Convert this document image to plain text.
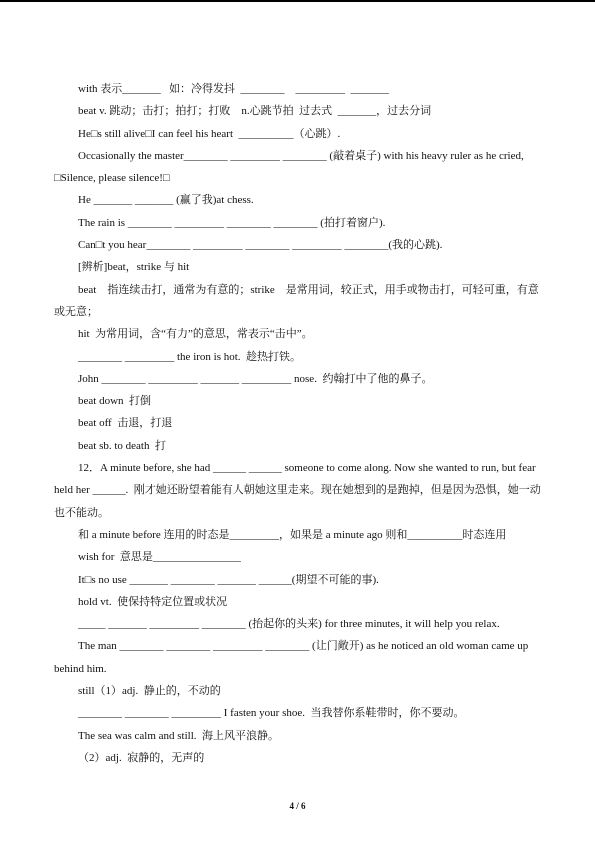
with 表示_______   如：冷得发抖  ________    _________  _______

beat v. 跳动；击打；拍打；打败    n.心跳节拍  过去式  _______，过去分词

He□s still alive□I can feel his heart  __________（心跳）.

Occasionally the master________ _________ ________ (敲着桌子) with his heavy ruler as he cried, □Silence, please silence!□

He _______ _______ (赢了我)at chess.

The rain is ________ _________ ________ ________ (拍打着窗户).

Can□t you hear________ _________ ________ _________ ________(我的心跳).

[辨析]beat，strike 与 hit

beat    指连续击打，通常为有意的；strike    是常用词，较正式，用手或物击打，可轻可重，有意或无意；

hit  为常用词，含“有力”的意思，常表示“击中”。

________ _________ the iron is hot.  趁热打铁。

John ________ _________ _______ _________ nose.  约翰打中了他的鼻子。

beat down  打倒

beat off  击退，打退

beat sb. to death  打

12．A minute before, she had ______ ______ someone to come along. Now she wanted to run, but fear held her ______.  刚才她还盼望着能有人朝她这里走来。现在她想到的是跑掉，但是因为恐惧，她一动也不能动。

和 a minute before 连用的时态是_________，如果是 a minute ago 则和__________时态连用

wish for  意思是________________

It□s no use _______ ________ _______ ______(期望不可能的事).

hold vt.  使保持特定位置或状况

_____ _______ _________ ________ (抬起你的头来) for three minutes, it will help you relax.

The man ________ ________ _________ ________ (让门敞开) as he noticed an old woman came up behind him.

still（1）adj.  静止的，不动的

________ ________ _________ I fasten your shoe.  当我替你系鞋带时，你不要动。

The sea was calm and still.  海上风平浪静。

（2）adj.  寂静的，无声的

4 / 6
